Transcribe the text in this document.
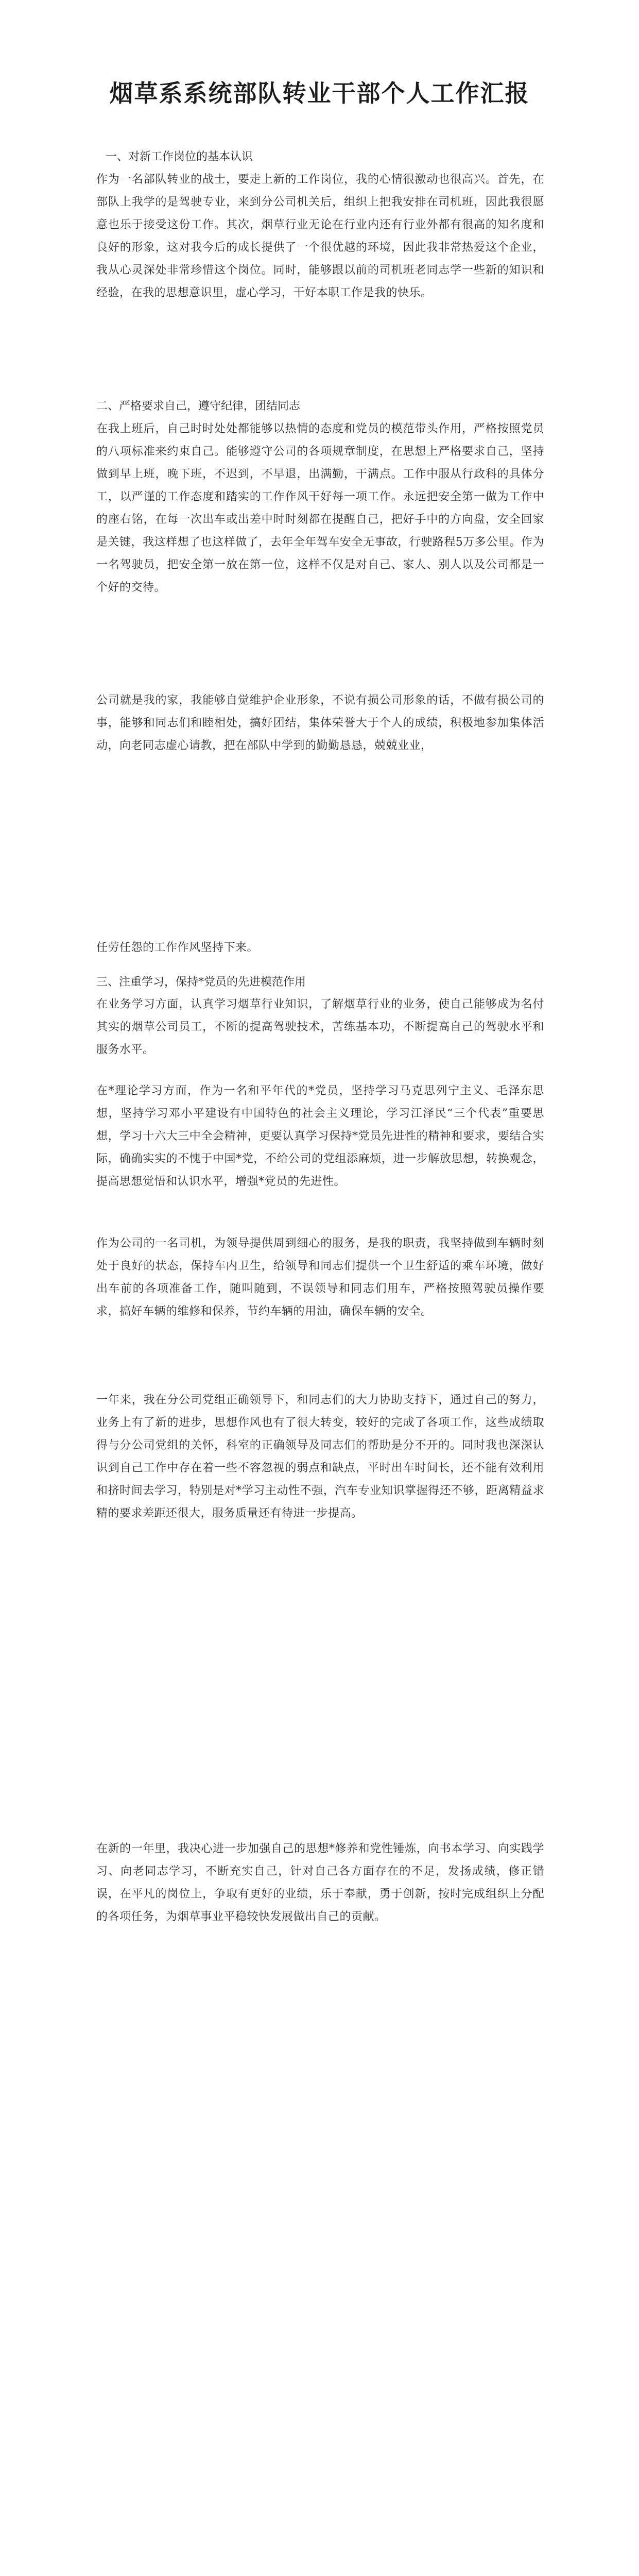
烟草系系统部队转业干部个人工作汇报

一、对新工作岗位的基本认识

作为一名部队转业的战士，要走上新的工作岗位，我的心情很激动也很高兴。首先，在部队上我学的是驾驶专业，来到分公司机关后，组织上把我安排在司机班，因此我很愿意也乐于接受这份工作。其次，烟草行业无论在行业内还有行业外都有很高的知名度和良好的形象，这对我今后的成长提供了一个很优越的环境，因此我非常热爱这个企业，我从心灵深处非常珍惜这个岗位。同时，能够跟以前的司机班老同志学一些新的知识和经验，在我的思想意识里，虚心学习，干好本职工作是我的快乐。

二、严格要求自己，遵守纪律，团结同志

在我上班后，自己时时处处都能够以热情的态度和党员的模范带头作用，严格按照党员的八项标准来约束自己。能够遵守公司的各项规章制度，在思想上严格要求自己，坚持做到早上班，晚下班，不迟到，不早退，出满勤，干满点。工作中服从行政科的具体分工，以严谨的工作态度和踏实的工作作风干好每一项工作。永远把安全第一做为工作中的座右铭，在每一次出车或出差中时时刻都在提醒自己，把好手中的方向盘，安全回家是关键，我这样想了也这样做了，去年全年驾车安全无事故，行驶路程5万多公里。作为一名驾驶员，把安全第一放在第一位，这样不仅是对自己、家人、别人以及公司都是一个好的交待。

公司就是我的家，我能够自觉维护企业形象，不说有损公司形象的话，不做有损公司的事，能够和同志们和睦相处，搞好团结，集体荣誉大于个人的成绩，积极地参加集体活动，向老同志虚心请教，把在部队中学到的勤勤恳恳，兢兢业业，

任劳任怨的工作作风坚持下来。

三、注重学习，保持*党员的先进模范作用

在业务学习方面，认真学习烟草行业知识，了解烟草行业的业务，使自己能够成为名付其实的烟草公司员工，不断的提高驾驶技术，苦练基本功，不断提高自己的驾驶水平和服务水平。

在*理论学习方面，作为一名和平年代的*党员，坚持学习马克思列宁主义、毛泽东思想，坚持学习邓小平建设有中国特色的社会主义理论，学习江泽民“三个代表”重要思想，学习十六大三中全会精神，更要认真学习保持*党员先进性的精神和要求，要结合实际，确确实实的不愧于中国*党，不给公司的党组添麻烦，进一步解放思想，转换观念，提高思想觉悟和认识水平，增强*党员的先进性。

作为公司的一名司机，为领导提供周到细心的服务，是我的职责，我坚持做到车辆时刻处于良好的状态，保持车内卫生，给领导和同志们提供一个卫生舒适的乘车环境，做好出车前的各项准备工作，随叫随到，不误领导和同志们用车，严格按照驾驶员操作要求，搞好车辆的维修和保养，节约车辆的用油，确保车辆的安全。

一年来，我在分公司党组正确领导下，和同志们的大力协助支持下，通过自己的努力，业务上有了新的进步，思想作风也有了很大转变，较好的完成了各项工作，这些成绩取得与分公司党组的关怀，科室的正确领导及同志们的帮助是分不开的。同时我也深深认识到自己工作中存在着一些不容忽视的弱点和缺点，平时出车时间长，还不能有效利用和挤时间去学习，特别是对*学习主动性不强，汽车专业知识掌握得还不够，距离精益求精的要求差距还很大，服务质量还有待进一步提高。

在新的一年里，我决心进一步加强自己的思想*修养和党性锤炼，向书本学习、向实践学习、向老同志学习，不断充实自己，针对自己各方面存在的不足，发扬成绩，修正错误，在平凡的岗位上，争取有更好的业绩，乐于奉献，勇于创新，按时完成组织上分配的各项任务，为烟草事业平稳较快发展做出自己的贡献。
